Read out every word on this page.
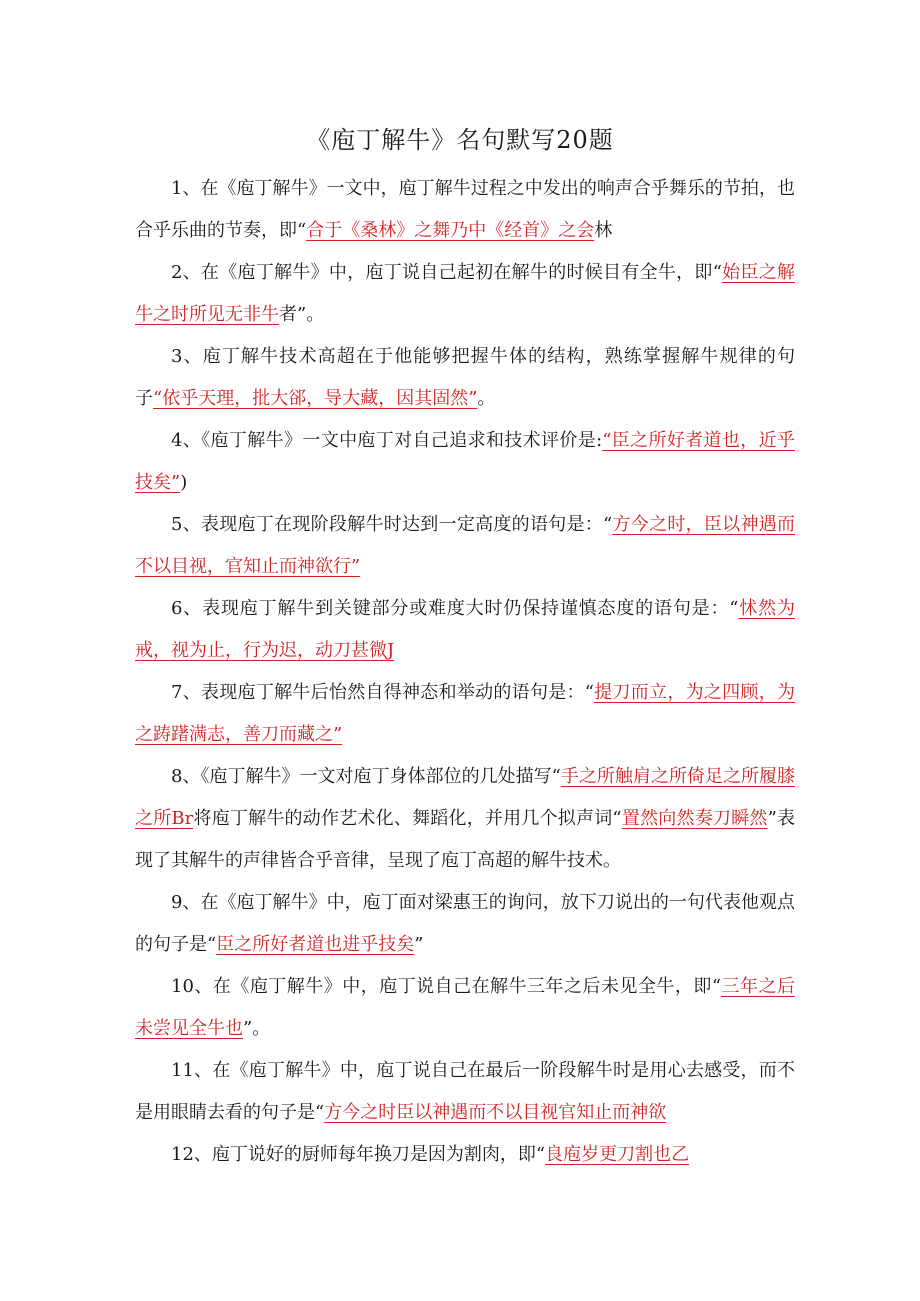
《庖丁解牛》名句默写20题

1、在《庖丁解牛》一文中，庖丁解牛过程之中发出的响声合乎舞乐的节拍，也合乎乐曲的节奏，即“合于《桑林》之舞乃中《经首》之会林

2、在《庖丁解牛》中，庖丁说自己起初在解牛的时候目有全牛，即“始臣之解牛之时所见无非牛者”。

3、庖丁解牛技术高超在于他能够把握牛体的结构，熟练掌握解牛规律的句子“依乎天理，批大郤，导大藏，因其固然”。

4、《庖丁解牛》一文中庖丁对自己追求和技术评价是:“臣之所好者道也，近乎技矣”)

5、表现庖丁在现阶段解牛时达到一定高度的语句是：“方今之时，臣以神遇而不以目视，官知止而神欲行”

6、表现庖丁解牛到关键部分或难度大时仍保持谨慎态度的语句是：“怵然为戒，视为止，行为迟，动刀甚微J

7、表现庖丁解牛后怡然自得神态和举动的语句是：“提刀而立，为之四顾，为之踌躇满志，善刀而藏之”

8、《庖丁解牛》一文对庖丁身体部位的几处描写“手之所触肩之所倚足之所履膝之所Br将庖丁解牛的动作艺术化、舞蹈化，并用几个拟声词“置然向然奏刀瞬然”表现了其解牛的声律皆合乎音律，呈现了庖丁高超的解牛技术。

9、在《庖丁解牛》中，庖丁面对梁惠王的询问，放下刀说出的一句代表他观点的句子是“臣之所好者道也进乎技矣”

10、在《庖丁解牛》中，庖丁说自己在解牛三年之后未见全牛，即“三年之后未尝见全牛也”。

11、在《庖丁解牛》中，庖丁说自己在最后一阶段解牛时是用心去感受，而不是用眼睛去看的句子是“方今之时臣以神遇而不以目视官知止而神欲

12、庖丁说好的厨师每年换刀是因为割肉，即“良庖岁更刀割也乙
